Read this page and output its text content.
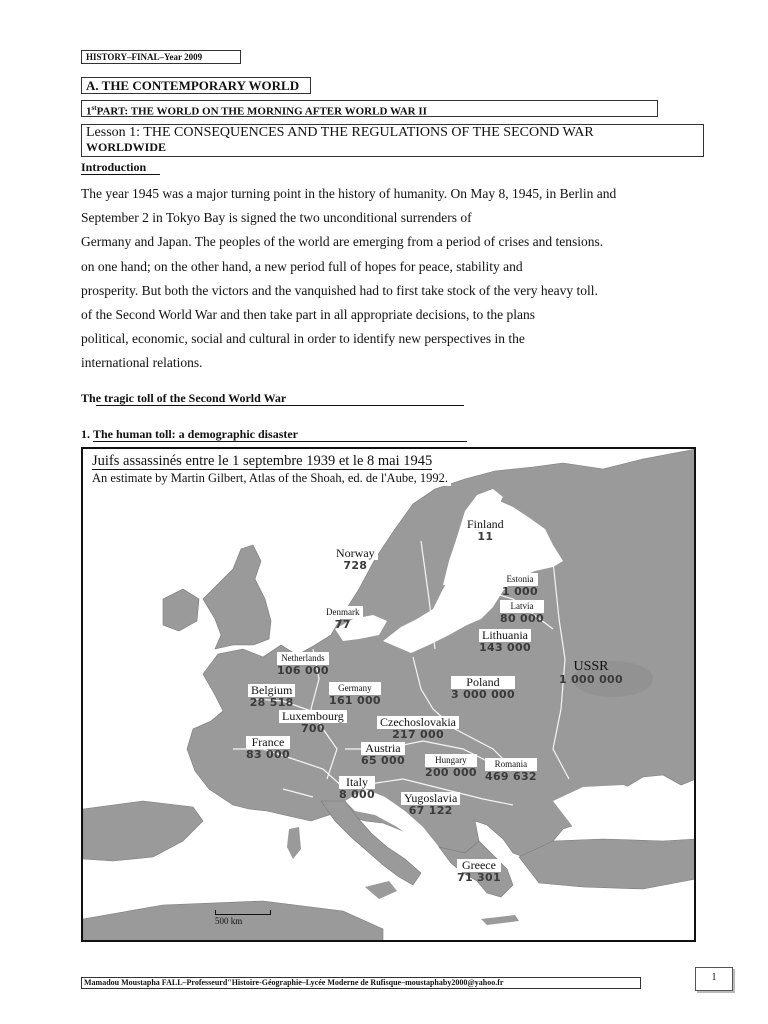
HISTORY–FINAL–Year 2009
A. THE CONTEMPORARY WORLD
1stPART: THE WORLD ON THE MORNING AFTER WORLD WAR II
Lesson 1: THE CONSEQUENCES AND THE REGULATIONS OF THE SECOND WAR
WORLDWIDE
Introduction
The year 1945 was a major turning point in the history of humanity. On May 8, 1945, in Berlin and
September 2 in Tokyo Bay is signed the two unconditional surrenders of
Germany and Japan. The peoples of the world are emerging from a period of crises and tensions.
on one hand; on the other hand, a new period full of hopes for peace, stability and
prosperity. But both the victors and the vanquished had to first take stock of the very heavy toll.
of the Second World War and then take part in all appropriate decisions, to the plans
political, economic, social and cultural in order to identify new perspectives in the
international relations.
The tragic toll of the Second World War
1. The human toll: a demographic disaster
Juifs assassinés entre le 1 septembre 1939 et le 8 mai 1945
An estimate by Martin Gilbert, Atlas of the Shoah, ed. de l'Aube, 1992.
Finland
11
Norway
728
Estonia
1 000
Latvia
80 000
Denmark
77
Lithuania
143 000
USSR
1 000 000
Netherlands
106 000
Poland
3 000 000
Germany
161 000
Belgium
28 518
Luxembourg
700	Czechoslovakia
217 000
France
83 000	Austria
65 000	Hungary
200 000
Romania
469 632
Italy
8 000 Yugoslavia
67 122
Greece
71 301
500 km
Mamadou Moustapha FALL–Professeurd"Histoire-Géographie–Lycée Moderne de Rufisque–moustaphaby2000@yahoo.fr	1
